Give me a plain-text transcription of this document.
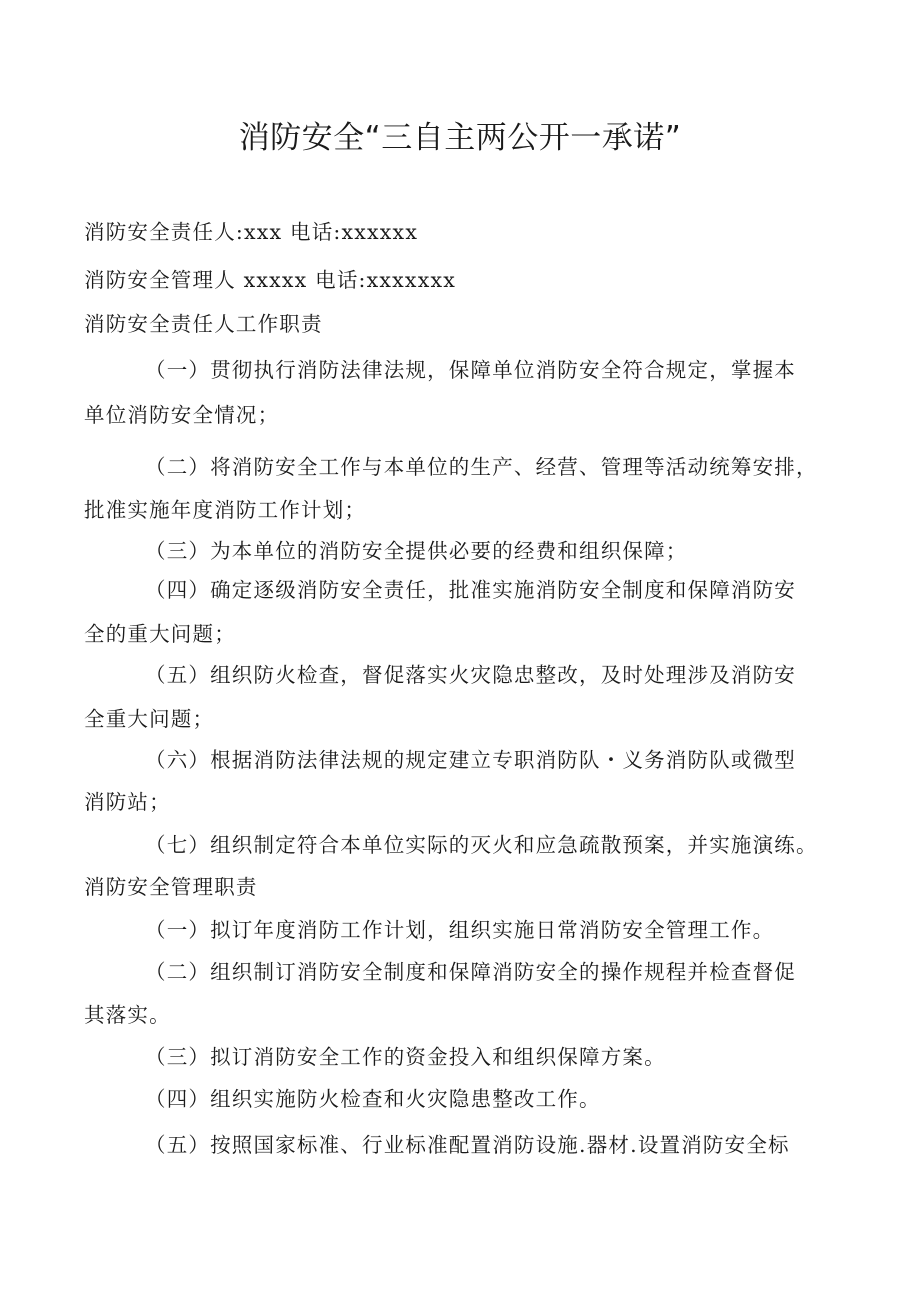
消防安全“三自主两公开一承诺”
消防安全责任人:xxx 电话:xxxxxx
消防安全管理人 xxxxx 电话:xxxxxxx
消防安全责任人工作职责
（一）贯彻执行消防法律法规，保障单位消防安全符合规定，掌握本
单位消防安全情况；
（二）将消防安全工作与本单位的生产、经营、管理等活动统筹安排，
批准实施年度消防工作计划；
（三）为本单位的消防安全提供必要的经费和组织保障；
（四）确定逐级消防安全责任，批准实施消防安全制度和保障消防安
全的重大问题；
（五）组织防火检查，督促落实火灾隐忠整改，及时处理涉及消防安
全重大问题；
（六）根据消防法律法规的规定建立专职消防队・义务消防队或微型
消防站；
（七）组织制定符合本单位实际的灭火和应急疏散预案，并实施演练。
消防安全管理职责
（一）拟订年度消防工作计划，组织实施日常消防安全管理工作。
（二）组织制订消防安全制度和保障消防安全的操作规程并检查督促
其落实。
（三）拟订消防安全工作的资金投入和组织保障方案。
（四）组织实施防火检查和火灾隐患整改工作。
（五）按照国家标准、行业标准配置消防设施.器材.设置消防安全标
